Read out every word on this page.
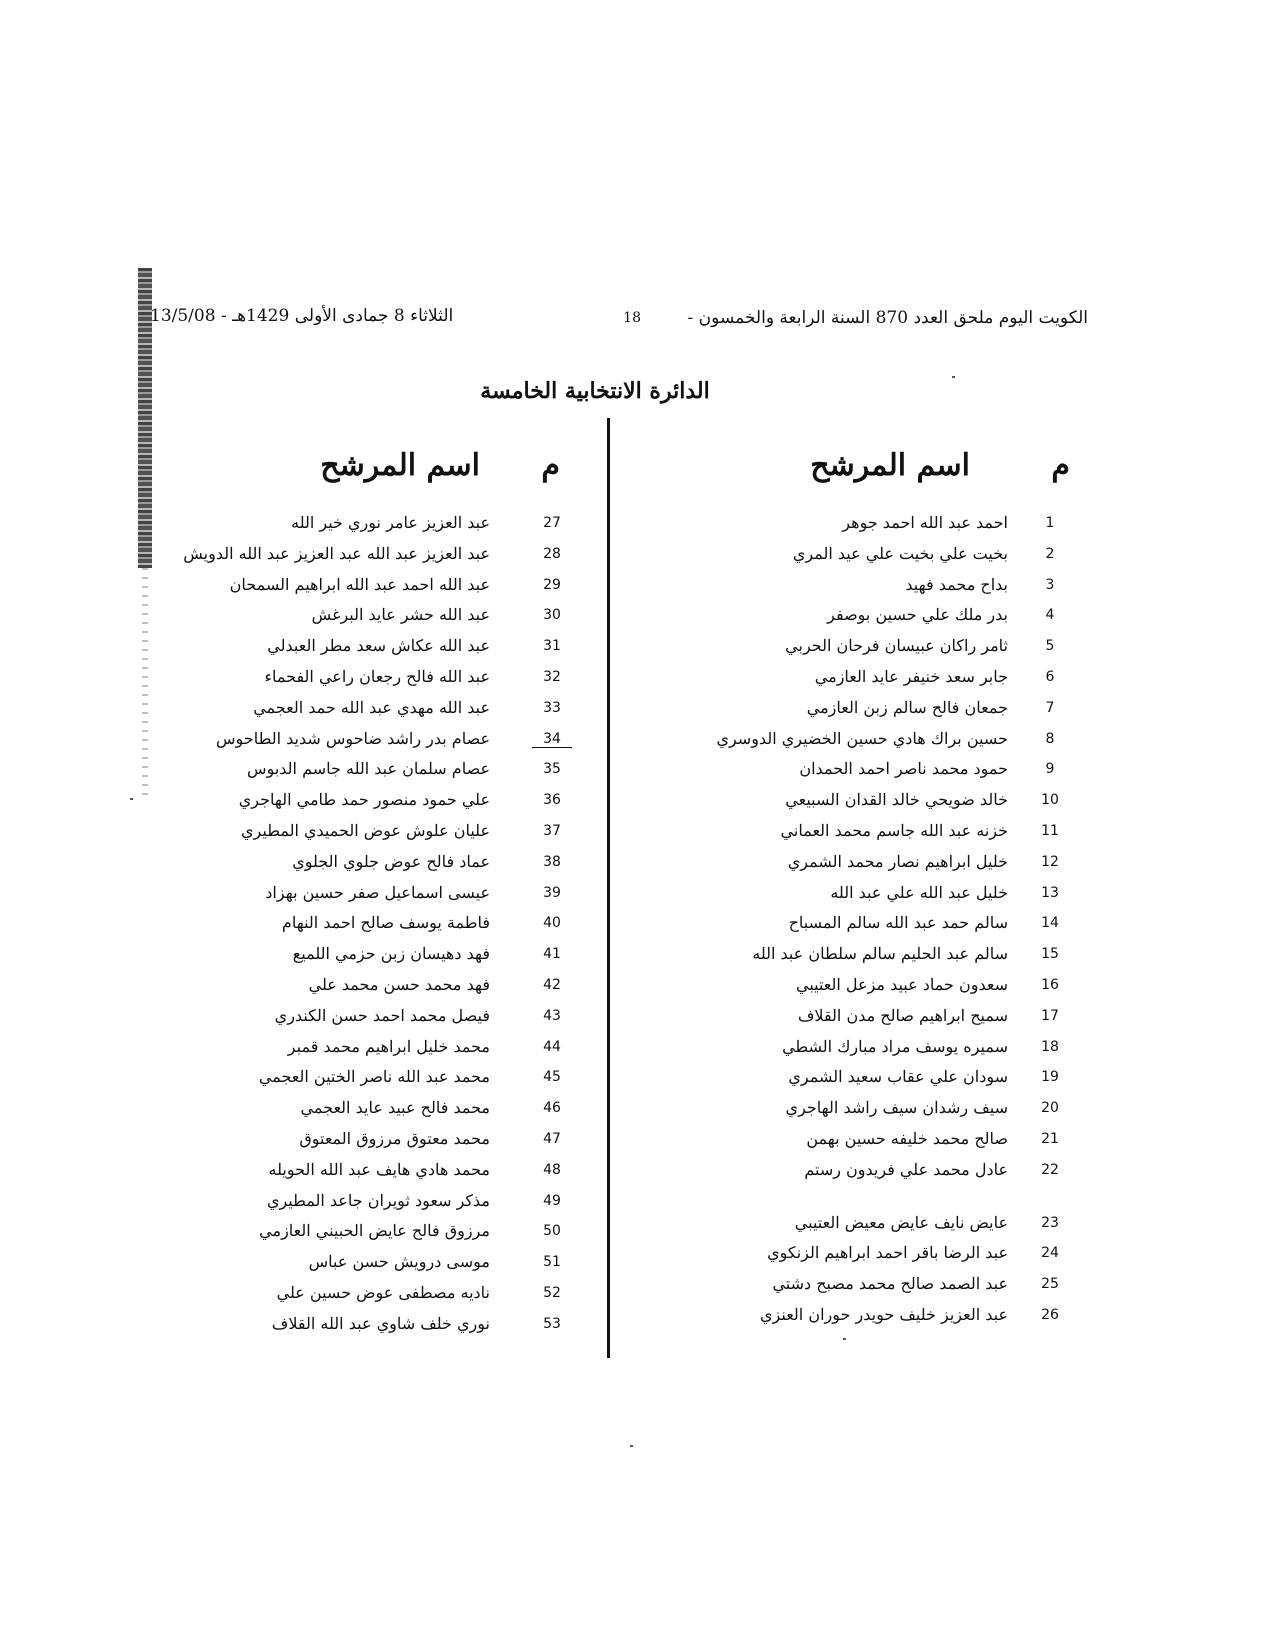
الكويت اليوم ملحق العدد 870 السنة الرابعة والخمسون -
18
الثلاثاء 8 جمادى الأولى 1429هـ - 13/5/08
الدائرة الانتخابية الخامسة
م
اسم المرشح
1
احمد عبد الله احمد جوهر
2
بخيت علي بخيت علي عيد المري
3
بداح محمد فهيد
4
بدر ملك علي حسين بوصفر
5
ثامر راكان عبيسان فرحان الحربي
6
جابر سعد خنيفر عايد العازمي
7
جمعان فالح سالم زبن العازمي
8
حسين براك هادي حسين الخضيري الدوسري
9
حمود محمد ناصر احمد الحمدان
10
خالد ضويحي خالد القدان السبيعي
11
خزنه عبد الله جاسم محمد العماني
12
خليل ابراهيم نصار محمد الشمري
13
خليل عبد الله علي عبد الله
14
سالم حمد عبد الله سالم المسباح
15
سالم عبد الحليم سالم سلطان عبد الله
16
سعدون حماد عبيد مزعل العتيبي
17
سميح ابراهيم صالح مدن القلاف
18
سميره يوسف مراد مبارك الشطي
19
سودان علي عقاب سعيد الشمري
20
سيف رشدان سيف راشد الهاجري
21
صالح محمد خليفه حسين بهمن
22
عادل محمد علي فريدون رستم
23
عايض نايف عايض معيض العتيبي
24
عبد الرضا باقر احمد ابراهيم الزنكوي
25
عبد الصمد صالح محمد مصبح دشتي
26
عبد العزيز خليف حويدر حوران العنزي
م
اسم المرشح
27
عبد العزيز عامر نوري خير الله
28
عبد العزيز عبد الله عبد العزيز عبد الله الدويش
29
عبد الله احمد عبد الله ابراهيم السمحان
30
عبد الله حشر عايد البرغش
31
عبد الله عكاش سعد مطر العبدلي
32
عبد الله فالح رجعان راعي الفحماء
33
عبد الله مهدي عبد الله حمد العجمي
34
عصام بدر راشد ضاحوس شديد الطاحوس
35
عصام سلمان عبد الله جاسم الدبوس
36
علي حمود منصور حمد طامي الهاجري
37
عليان علوش عوض الحميدي المطيري
38
عماد فالح عوض جلوي الجلوي
39
عيسى اسماعيل صفر حسين بهزاد
40
فاطمة يوسف صالح احمد النهام
41
فهد دهيسان زبن حزمي اللميع
42
فهد محمد حسن محمد علي
43
فيصل محمد احمد حسن الكندري
44
محمد خليل ابراهيم محمد قمبر
45
محمد عبد الله ناصر الختين العجمي
46
محمد فالح عبيد عايد العجمي
47
محمد معتوق مرزوق المعتوق
48
محمد هادي هايف عبد الله الحويله
49
مذكر سعود ثويران جاعد المطيري
50
مرزوق فالح عايض الحبيني العازمي
51
موسى درويش حسن عباس
52
ناديه مصطفى عوض حسين علي
53
نوري خلف شاوي عبد الله القلاف
